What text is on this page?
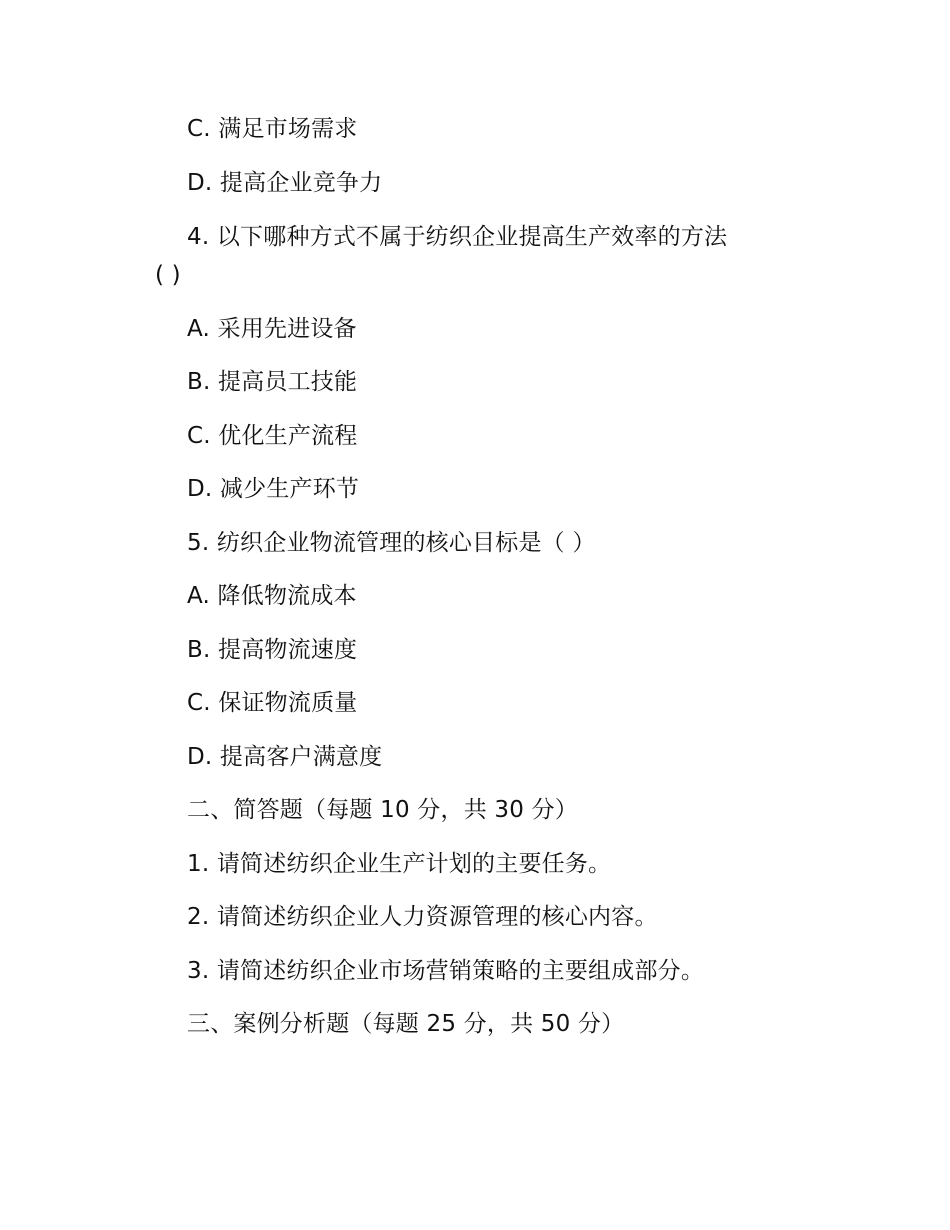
C. 满足市场需求
D. 提高企业竞争力
4. 以下哪种方式不属于纺织企业提高生产效率的方法
( )
A. 采用先进设备
B. 提高员工技能
C. 优化生产流程
D. 减少生产环节
5. 纺织企业物流管理的核心目标是（ ）
A. 降低物流成本
B. 提高物流速度
C. 保证物流质量
D. 提高客户满意度
二、简答题（每题 10 分，共 30 分）
1. 请简述纺织企业生产计划的主要任务。
2. 请简述纺织企业人力资源管理的核心内容。
3. 请简述纺织企业市场营销策略的主要组成部分。
三、案例分析题（每题 25 分，共 50 分）
